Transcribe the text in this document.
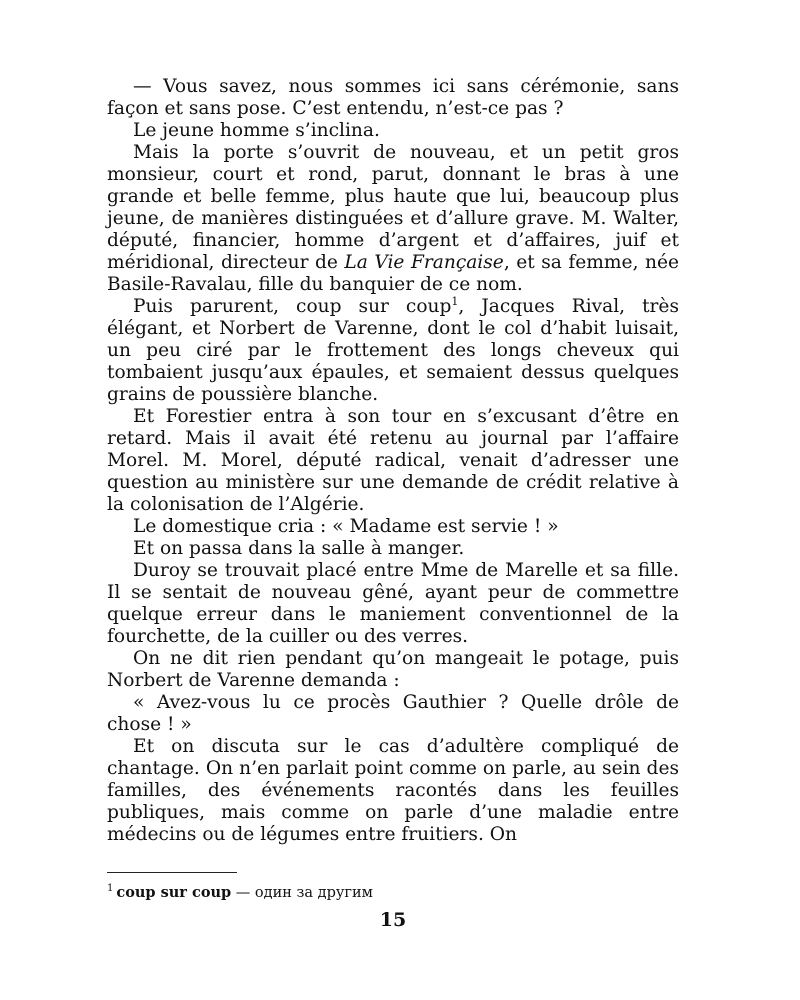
— Vous savez, nous sommes ici sans cérémonie, sans façon et sans pose. C’est entendu, n’est-ce pas ?

Le jeune homme s’inclina.

Mais la porte s’ouvrit de nouveau, et un petit gros monsieur, court et rond, parut, donnant le bras à une grande et belle femme, plus haute que lui, beaucoup plus jeune, de manières distinguées et d’allure grave. M. Walter, député, financier, homme d’argent et d’affaires, juif et méridional, directeur de La Vie Française, et sa femme, née Basile-Ravalau, fille du banquier de ce nom.

Puis parurent, coup sur coup$^1$, Jacques Rival, très élégant, et Norbert de Varenne, dont le col d’habit luisait, un peu ciré par le frottement des longs cheveux qui tombaient jusqu’aux épaules, et semaient dessus quelques grains de poussière blanche.

Et Forestier entra à son tour en s’excusant d’être en retard. Mais il avait été retenu au journal par l’affaire Morel. M. Morel, député radical, venait d’adresser une question au ministère sur une demande de crédit relative à la colonisation de l’Algérie.

Le domestique cria : « Madame est servie ! »

Et on passa dans la salle à manger.

Duroy se trouvait placé entre Mme de Marelle et sa fille. Il se sentait de nouveau gêné, ayant peur de commettre quelque erreur dans le maniement conventionnel de la fourchette, de la cuiller ou des verres.

On ne dit rien pendant qu’on mangeait le potage, puis Norbert de Varenne demanda :

« Avez-vous lu ce procès Gauthier ? Quelle drôle de chose ! »

Et on discuta sur le cas d’adultère compliqué de chantage. On n’en parlait point comme on parle, au sein des familles, des événements racontés dans les feuilles publiques, mais comme on parle d’une maladie entre médecins ou de légumes entre fruitiers. On

$^1$ coup sur coup — один за другим
15
